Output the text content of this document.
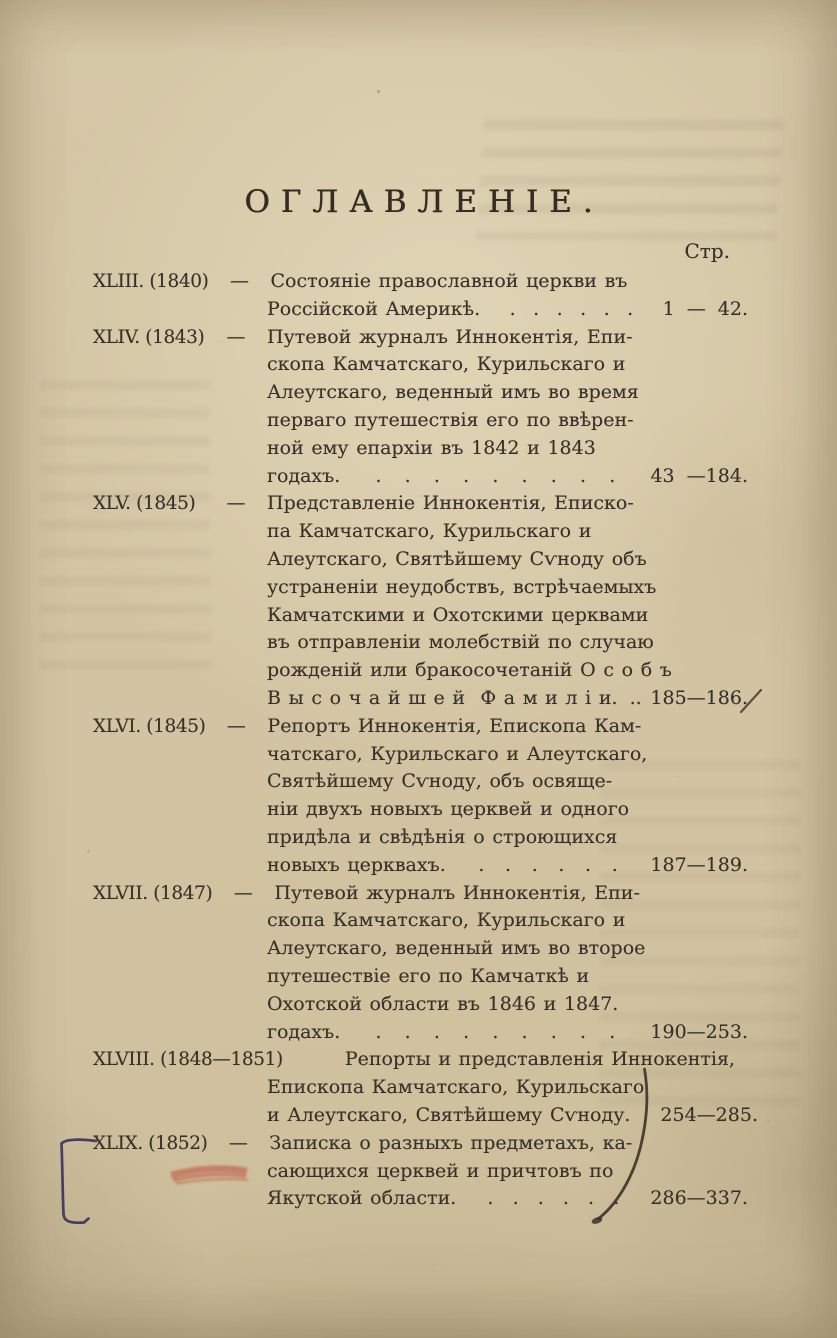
ОГЛАВЛЕНІЕ.
Стр.
XLIII. (1840)	—	Состояніе православной церкви въ
Россійской Америкѣ. . . . . . . 1 — 42.
XLIV. (1843)	—	Путевой журналъ Иннокентія, Епи-
скопа Камчатскаго, Курильскаго и
Алеутскаго, веденный имъ во время
перваго путешествія его по ввѣрен-
ной ему епархіи въ 1842 и 1843
годахъ. . . . . . . . . . 43 —184.
XLV. (1845)	—	Представленіе Иннокентія, Еписко-
па Камчатскаго, Курильскаго и
Алеутскаго, Святѣйшему Сѵноду объ
устраненіи неудобствъ, встрѣчаемыхъ
Камчатскими и Охотскими церквами
въ отправленіи молебствій по случаю
рожденій или бракосочетаній О с о б ъ
В ы с о ч а й ш е й  Ф а м и л і и. . . 185—186.
XLVI. (1845)	—	Репортъ Иннокентія, Епископа Кам-
чатскаго, Курильскаго и Алеутскаго,
Святѣйшему Сѵноду, объ освяще-
ніи двухъ новыхъ церквей и одного
придѣла и свѣдѣнія о строющихся
новыхъ церквахъ. . . . . . . 187—189.
XLVII. (1847)	—	Путевой журналъ Иннокентія, Епи-
скопа Камчатскаго, Курильскаго и
Алеутскаго, веденный имъ во второе
путешествіе его по Камчаткѣ и
Охотской области въ 1846 и 1847.
годахъ. . . . . . . . . . 190—253.
XLVIII. (1848—1851)	Репорты и представленія Иннокентія,
Епископа Камчатскаго, Курильскаго
и Алеутскаго, Святѣйшему Сѵноду. 254—285.
XLIX. (1852)	—	Записка о разныхъ предметахъ, ка-
сающихся церквей и причтовъ по
Якутской области. . . . . . . 286—337.
